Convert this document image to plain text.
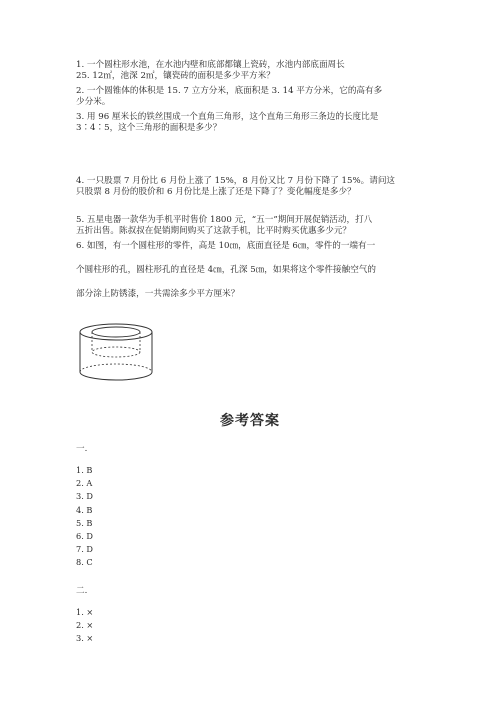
1. 一个圆柱形水池，在水池内壁和底部都镶上瓷砖，水池内部底面周长

25. 12㎡，池深 2㎡，镶瓷砖的面积是多少平方米？

2. 一个圆锥体的体积是 15. 7 立方分米，底面积是 3. 14 平方分米，它的高有多

少分米。

3. 用 96 厘米长的铁丝围成一个直角三角形，这个直角三角形三条边的长度比是

3∶4∶5，这个三角形的面积是多少？

4. 一只股票 7 月份比 6 月份上涨了 15%，8 月份又比 7 月份下降了 15%。请问这

只股票 8 月份的股价和 6 月份比是上涨了还是下降了？变化幅度是多少？

5. 五星电器一款华为手机平时售价 1800 元，“五一”期间开展促销活动，打八

五折出售。陈叔叔在促销期间购买了这款手机，比平时购买优惠多少元？

6. 如图，有一个圆柱形的零件，高是 10㎝，底面直径是 6㎝，零件的一端有一

个圆柱形的孔，圆柱形孔的直径是 4㎝，孔深 5㎝，如果将这个零件接触空气的

部分涂上防锈漆，一共需涂多少平方厘米？

参考答案
一.
1. B
2. A
3. D
4. B
5. B
6. D
7. D
8. C
二.
1. ×
2. ×
3. ×
